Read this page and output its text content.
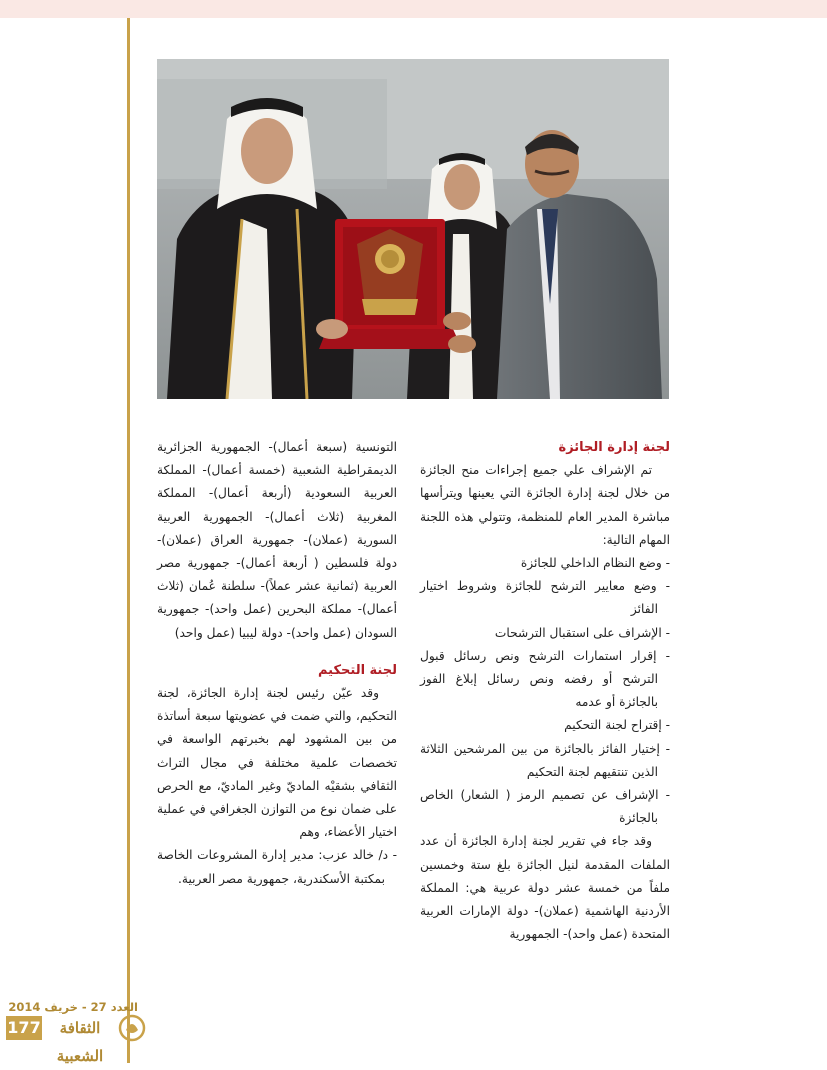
لجنة إدارة الجائزة

تم الإشراف علي جميع إجراءات منح الجائزة من خلال لجنة إدارة الجائزة التي يعينها ويترأسها مباشرة المدير العام للمنظمة، وتتولي هذه اللجنة المهام التالية:

- وضع النظام الداخلي للجائزة

- وضع معايير الترشح للجائزة وشروط اختيار الفائز

- الإشراف على استقبال الترشحات

- إقرار استمارات الترشح ونص رسائل قبول الترشح أو رفضه ونص رسائل إبلاغ الفوز بالجائزة أو عدمه

- إقتراح لجنة التحكيم

- إختيار الفائز بالجائزة من بين المرشحين الثلاثة الذين تنتقيهم لجنة التحكيم

- الإشراف عن تصميم الرمز ( الشعار) الخاص بالجائزة

وقد جاء في تقرير لجنة إدارة الجائزة أن عدد الملفات المقدمة لنيل الجائزة بلغ ستة وخمسين ملفاً من خمسة عشر دولة عربية هي: المملكة الأردنية الهاشمية (عملان)- دولة الإمارات العربية المتحدة (عمل واحد)- الجمهورية

التونسية (سبعة أعمال)- الجمهورية الجزائرية الديمقراطية الشعبية (خمسة أعمال)- المملكة العربية السعودية (أربعة أعمال)- المملكة المغربية (ثلاث أعمال)- الجمهورية العربية السورية (عملان)- جمهورية العراق (عملان)- دولة فلسطين ( أربعة أعمال)- جمهورية مصر العربية (ثمانية عشر عملاً)- سلطنة عُمان (ثلاث أعمال)- مملكة البحرين (عمل واحد)- جمهورية السودان (عمل واحد)- دولة ليبيا (عمل واحد)

لجنة التحكيم

وقد عيّن رئيس لجنة إدارة الجائزة، لجنة التحكيم، والتي ضمت في عضويتها سبعة أساتذة من بين المشهود لهم بخبرتهم الواسعة في تخصصات علمية مختلفة في مجال التراث الثقافي بشقيْه الماديّ وغير الماديّ، مع الحرص على ضمان نوع من التوازن الجغرافي في عملية اختيار الأعضاء، وهم

- د/ خالد عزب: مدير إدارة المشروعات الخاصة بمكتبة الأسكندرية، جمهورية مصر العربية.

العدد 27 - خريف 2014
177	الثقافة الشعبية
